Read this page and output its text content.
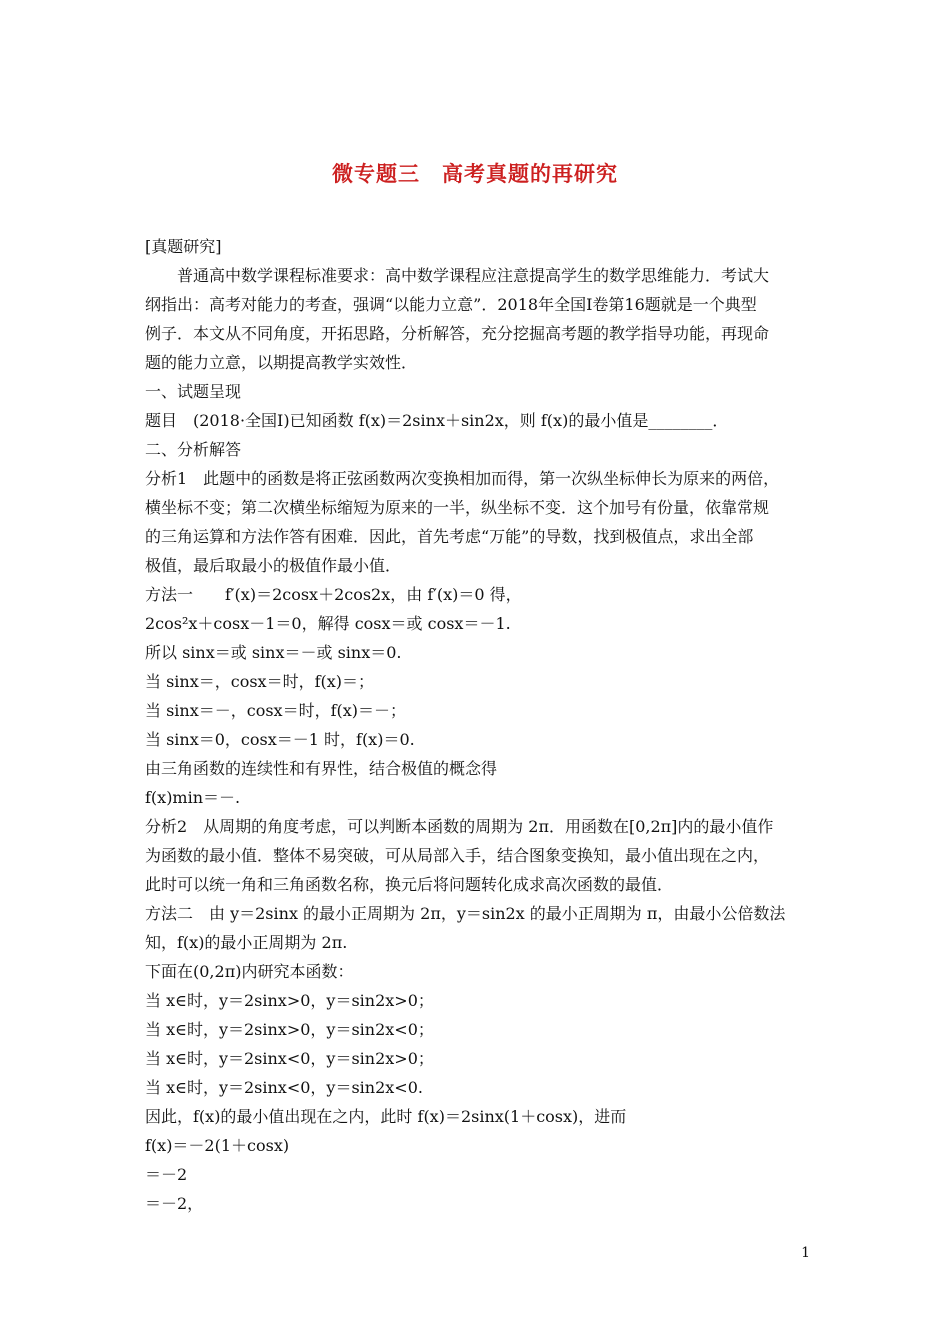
微专题三　高考真题的再研究
[真题研究]
普通高中数学课程标准要求：高中数学课程应注意提高学生的数学思维能力．考试大
纲指出：高考对能力的考查，强调“以能力立意”．2018年全国Ⅰ卷第16题就是一个典型
例子．本文从不同角度，开拓思路，分析解答，充分挖掘高考题的教学指导功能，再现命
题的能力立意，以期提高教学实效性．
一、试题呈现
题目　(2018·全国Ⅰ)已知函数 f(x)＝2sinx＋sin2x，则 f(x)的最小值是________．
二、分析解答
分析1　此题中的函数是将正弦函数两次变换相加而得，第一次纵坐标伸长为原来的两倍，
横坐标不变；第二次横坐标缩短为原来的一半，纵坐标不变．这个加号有份量，依靠常规
的三角运算和方法作答有困难．因此，首先考虑“万能”的导数，找到极值点，求出全部
极值，最后取最小的极值作最小值．
方法一　　f′(x)＝2cosx＋2cos2x，由 f′(x)＝0 得，
2cos²x＋cosx－1＝0，解得 cosx＝或 cosx＝－1.
所以 sinx＝或 sinx＝－或 sinx＝0.
当 sinx＝，cosx＝时，f(x)＝；
当 sinx＝－，cosx＝时，f(x)＝－；
当 sinx＝0，cosx＝－1 时，f(x)＝0.
由三角函数的连续性和有界性，结合极值的概念得
f(x)min＝－.
分析2　从周期的角度考虑，可以判断本函数的周期为 2π．用函数在[0,2π]内的最小值作
为函数的最小值．整体不易突破，可从局部入手，结合图象变换知，最小值出现在之内，
此时可以统一角和三角函数名称，换元后将问题转化成求高次函数的最值．
方法二　由 y＝2sinx 的最小正周期为 2π，y＝sin2x 的最小正周期为 π，由最小公倍数法
知，f(x)的最小正周期为 2π.
下面在(0,2π)内研究本函数：
当 x∈时，y＝2sinx>0，y＝sin2x>0；
当 x∈时，y＝2sinx>0，y＝sin2x<0；
当 x∈时，y＝2sinx<0，y＝sin2x>0；
当 x∈时，y＝2sinx<0，y＝sin2x<0.
因此，f(x)的最小值出现在之内，此时 f(x)＝2sinx(1＋cosx)，进而
f(x)＝－2(1＋cosx)
＝－2
＝－2，
1
